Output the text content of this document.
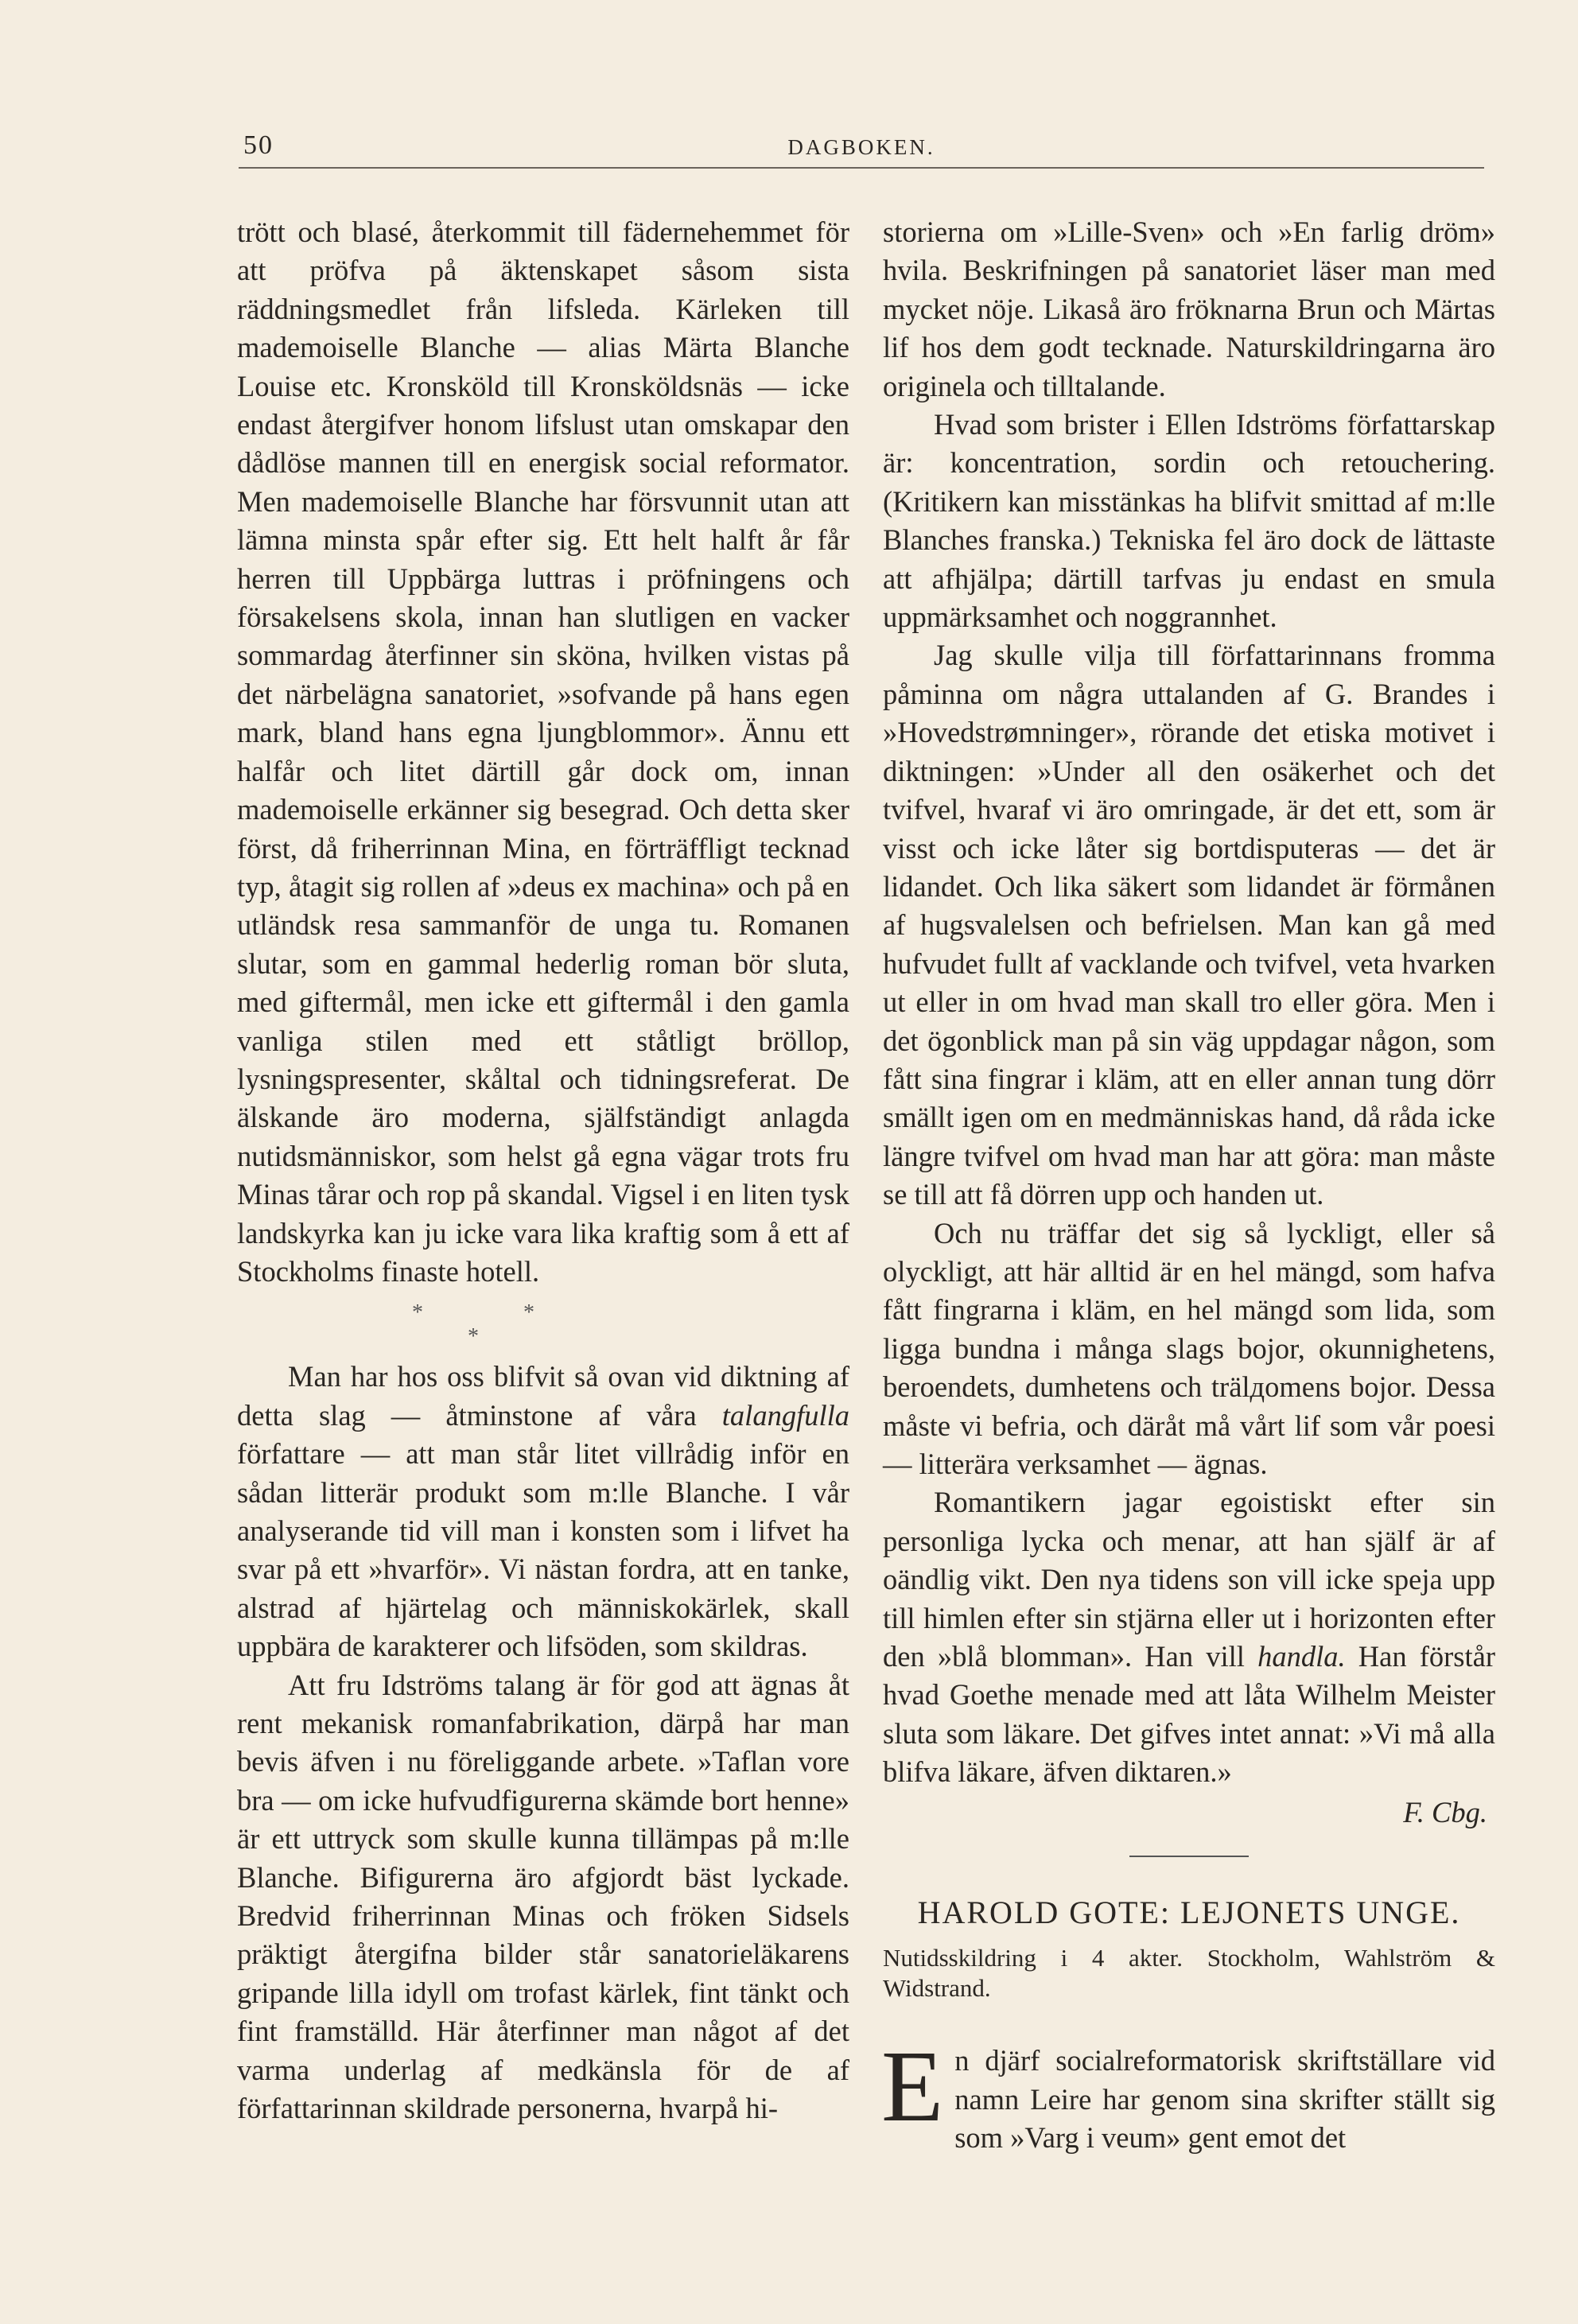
50	DAGBOKEN.

trött och blasé, återkommit till fädernehemmet för att pröfva på äktenskapet såsom sista räddningsmedlet från lifsleda. Kärleken till mademoiselle Blanche — alias Märta Blanche Louise etc. Kronsköld till Kronsköldsnäs — icke endast återgifver honom lifslust utan omskapar den dådlöse mannen till en energisk social reformator. Men mademoiselle Blanche har försvunnit utan att lämna minsta spår efter sig. Ett helt halft år får herren till Uppbärga luttras i pröfningens och försakelsens skola, innan han slutligen en vacker sommardag återfinner sin sköna, hvilken vistas på det närbelägna sanatoriet, »sofvande på hans egen mark, bland hans egna ljungblommor». Ännu ett halfår och litet därtill går dock om, innan mademoiselle erkänner sig besegrad. Och detta sker först, då friherrinnan Mina, en förträffligt tecknad typ, åtagit sig rollen af »deus ex machina» och på en utländsk resa sammanför de unga tu. Romanen slutar, som en gammal hederlig roman bör sluta, med giftermål, men icke ett giftermål i den gamla vanliga stilen med ett ståtligt bröllop, lysningspresenter, skåltal och tidningsreferat. De älskande äro moderna, själfständigt anlagda nutidsmänniskor, som helst gå egna vägar trots fru Minas tårar och rop på skandal. Vigsel i en liten tysk landskyrka kan ju icke vara lika kraftig som å ett af Stockholms finaste hotell.

*	*
*

Man har hos oss blifvit så ovan vid diktning af detta slag — åtminstone af våra talangfulla författare — att man står litet villrådig inför en sådan litterär produkt som m:lle Blanche. I vår analyserande tid vill man i konsten som i lifvet ha svar på ett »hvarför». Vi nästan fordra, att en tanke, alstrad af hjärtelag och människokärlek, skall uppbära de karakterer och lifsöden, som skildras.

Att fru Idströms talang är för god att ägnas åt rent mekanisk romanfabrikation, därpå har man bevis äfven i nu föreliggande arbete. »Taflan vore bra — om icke hufvudfigurerna skämde bort henne» är ett uttryck som skulle kunna tillämpas på m:lle Blanche. Bifigurerna äro afgjordt bäst lyckade. Bredvid friherrinnan Minas och fröken Sidsels präktigt återgifna bilder står sanatorieläkarens gripande lilla idyll om trofast kärlek, fint tänkt och fint framställd. Här återfinner man något af det varma underlag af medkänsla för de af författarinnan skildrade personerna, hvarpå hi-

storierna om »Lille-Sven» och »En farlig dröm» hvila. Beskrifningen på sanatoriet läser man med mycket nöje. Likaså äro fröknarna Brun och Märtas lif hos dem godt tecknade. Naturskildringarna äro originela och tilltalande.

Hvad som brister i Ellen Idströms författarskap är: koncentration, sordin och retouchering. (Kritikern kan misstänkas ha blifvit smittad af m:lle Blanches franska.) Tekniska fel äro dock de lättaste att afhjälpa; därtill tarfvas ju endast en smula uppmärksamhet och noggrannhet.

Jag skulle vilja till författarinnans fromma påminna om några uttalanden af G. Brandes i »Hovedstrømninger», rörande det etiska motivet i diktningen: »Under all den osäkerhet och det tvifvel, hvaraf vi äro omringade, är det ett, som är visst och icke låter sig bortdisputeras — det är lidandet. Och lika säkert som lidandet är förmånen af hugsvalelsen och befrielsen. Man kan gå med hufvudet fullt af vacklande och tvifvel, veta hvarken ut eller in om hvad man skall tro eller göra. Men i det ögonblick man på sin väg uppdagar någon, som fått sina fingrar i kläm, att en eller annan tung dörr smällt igen om en medmänniskas hand, då råda icke längre tvifvel om hvad man har att göra: man måste se till att få dörren upp och handen ut.

Och nu träffar det sig så lyckligt, eller så olyckligt, att här alltid är en hel mängd, som hafva fått fingrarna i kläm, en hel mängd som lida, som ligga bundna i många slags bojor, okunnighetens, beroendets, dumhetens och trälдomens bojor. Dessa måste vi befria, och däråt må vårt lif som vår poesi — litterära verksamhet — ägnas.

Romantikern jagar egoistiskt efter sin personliga lycka och menar, att han själf är af oändlig vikt. Den nya tidens son vill icke speja upp till himlen efter sin stjärna eller ut i horizonten efter den »blå blomman». Han vill handla. Han förstår hvad Goethe menade med att låta Wilhelm Meister sluta som läkare. Det gifves intet annat: »Vi må alla blifva läkare, äfven diktaren.»

F. Cbg.
HAROLD GOTE: LEJONETS UNGE.
Nutidsskildring i 4 akter. Stockholm, Wahlström & Widstrand.

En djärf socialreformatorisk skriftställare vid namn Leire har genom sina skrifter ställt sig som »Varg i veum» gent emot det
